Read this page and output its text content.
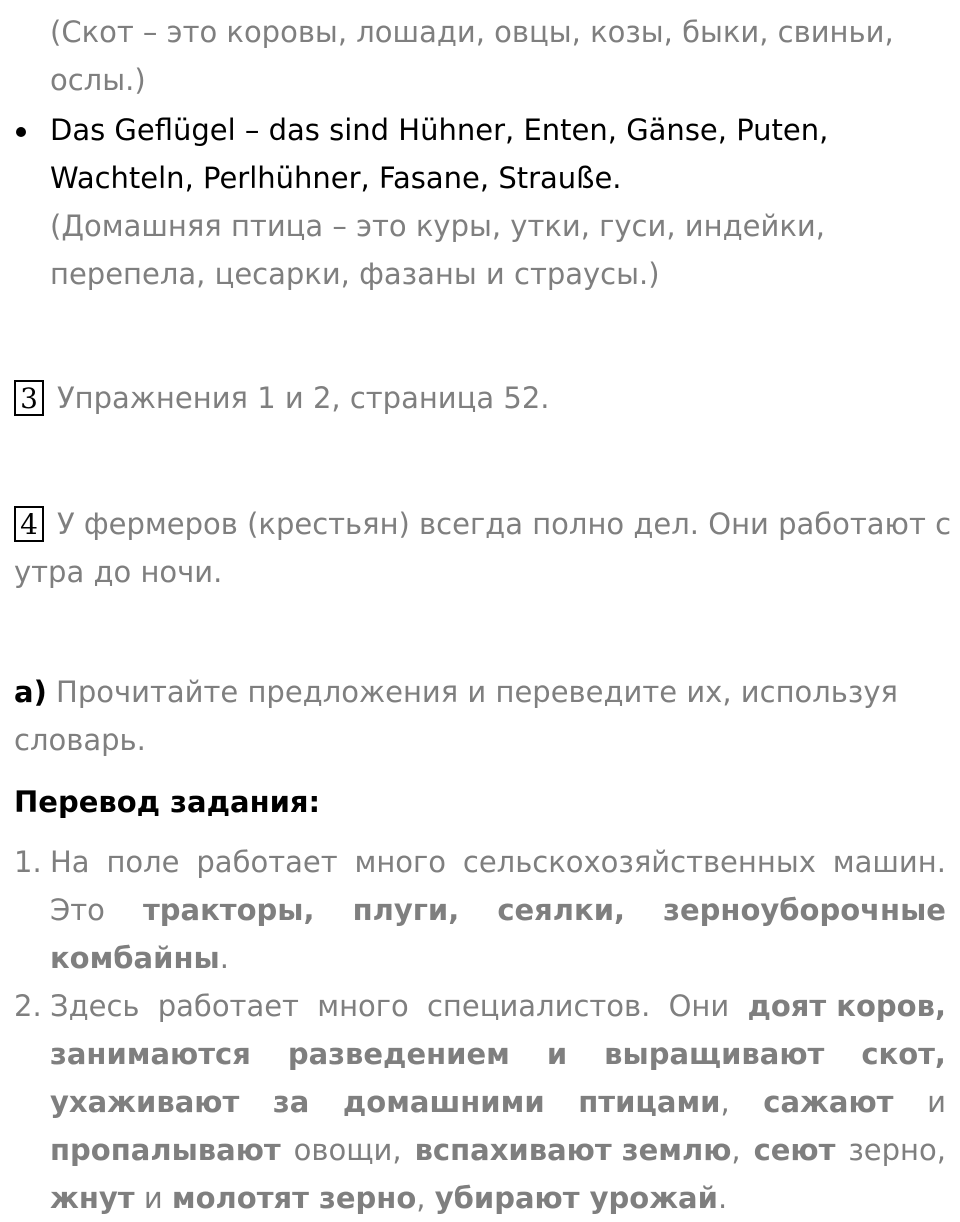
(Скот – это коровы, лошади, овцы, козы, быки, свиньи,
ослы.)
Das Geflügel – das sind Hühner, Enten, Gänse, Puten,
Wachteln, Perlhühner, Fasane, Strauße.
(Домашняя птица – это куры, утки, гуси, индейки,
перепела, цесарки, фазаны и страусы.)
3 Упражнения 1 и 2, страница 52.
4 У фермеров (крестьян) всегда полно дел. Они работают с
утра до ночи.
а) Прочитайте предложения и переведите их, используя
словарь.
Перевод задания:
1. На поле работает много сельскохозяйственных машин.
Это тракторы, плуги, сеялки, зерноуборочные
комбайны.
2. Здесь работает много специалистов. Они доят коров,
занимаются разведением и выращивают скот,
ухаживают за домашними птицами, сажают и
пропалывают овощи, вспахивают землю, сеют зерно,
жнут и молотят зерно, убирают урожай.
